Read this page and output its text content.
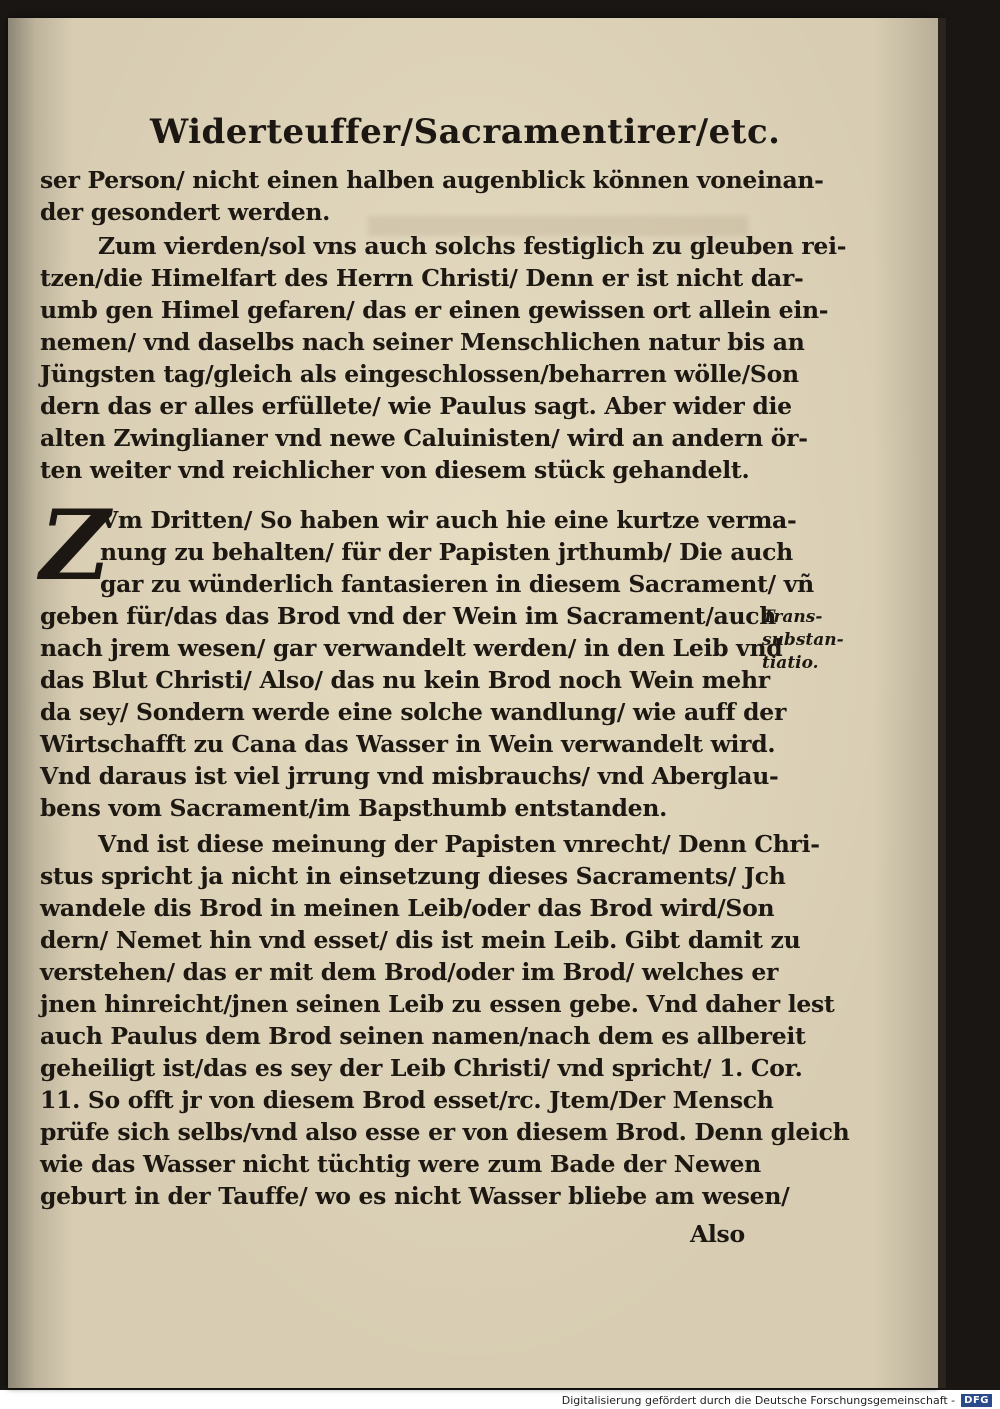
Widerteuffer/Sacramentirer/etc.
ser Person/ nicht einen halben augenblick können voneinan-
der gesondert werden.
Zum vierden/sol vns auch solchs festiglich zu gleuben rei-
tzen/die Himelfart des Herrn Christi/ Denn er ist nicht dar-
umb gen Himel gefaren/ das er einen gewissen ort allein ein-
nemen/ vnd daselbs nach seiner Menschlichen natur bis an
Jüngsten tag/gleich als eingeschlossen/beharren wölle/Son
dern das er alles erfüllete/ wie Paulus sagt. Aber wider die
alten Zwinglianer vnd newe Caluinisten/ wird an andern ör-
ten weiter vnd reichlicher von diesem stück gehandelt.
Z
Vm Dritten/ So haben wir auch hie eine kurtze verma-
nung zu behalten/ für der Papisten jrthumb/ Die auch
gar zu wünderlich fantasieren in diesem Sacrament/ vñ
geben für/das das Brod vnd der Wein im Sacrament/auch
nach jrem wesen/ gar verwandelt werden/ in den Leib vnd
das Blut Christi/ Also/ das nu kein Brod noch Wein mehr
da sey/ Sondern werde eine solche wandlung/ wie auff der
Wirtschafft zu Cana das Wasser in Wein verwandelt wird.
Vnd daraus ist viel jrrung vnd misbrauchs/ vnd Aberglau-
bens vom Sacrament/im Bapsthumb entstanden.
Trans-
substan-
tiatio.
Vnd ist diese meinung der Papisten vnrecht/ Denn Chri-
stus spricht ja nicht in einsetzung dieses Sacraments/ Jch
wandele dis Brod in meinen Leib/oder das Brod wird/Son
dern/ Nemet hin vnd esset/ dis ist mein Leib. Gibt damit zu
verstehen/ das er mit dem Brod/oder im Brod/ welches er
jnen hinreicht/jnen seinen Leib zu essen gebe. Vnd daher lest
auch Paulus dem Brod seinen namen/nach dem es allbereit
geheiligt ist/das es sey der Leib Christi/ vnd spricht/ 1. Cor.
11. So offt jr von diesem Brod esset/rc. Jtem/Der Mensch
prüfe sich selbs/vnd also esse er von diesem Brod. Denn gleich
wie das Wasser nicht tüchtig were zum Bade der Newen
geburt in der Tauffe/ wo es nicht Wasser bliebe am wesen/
Also
Digitalisierung gefördert durch die Deutsche Forschungsgemeinschaft - DFG
